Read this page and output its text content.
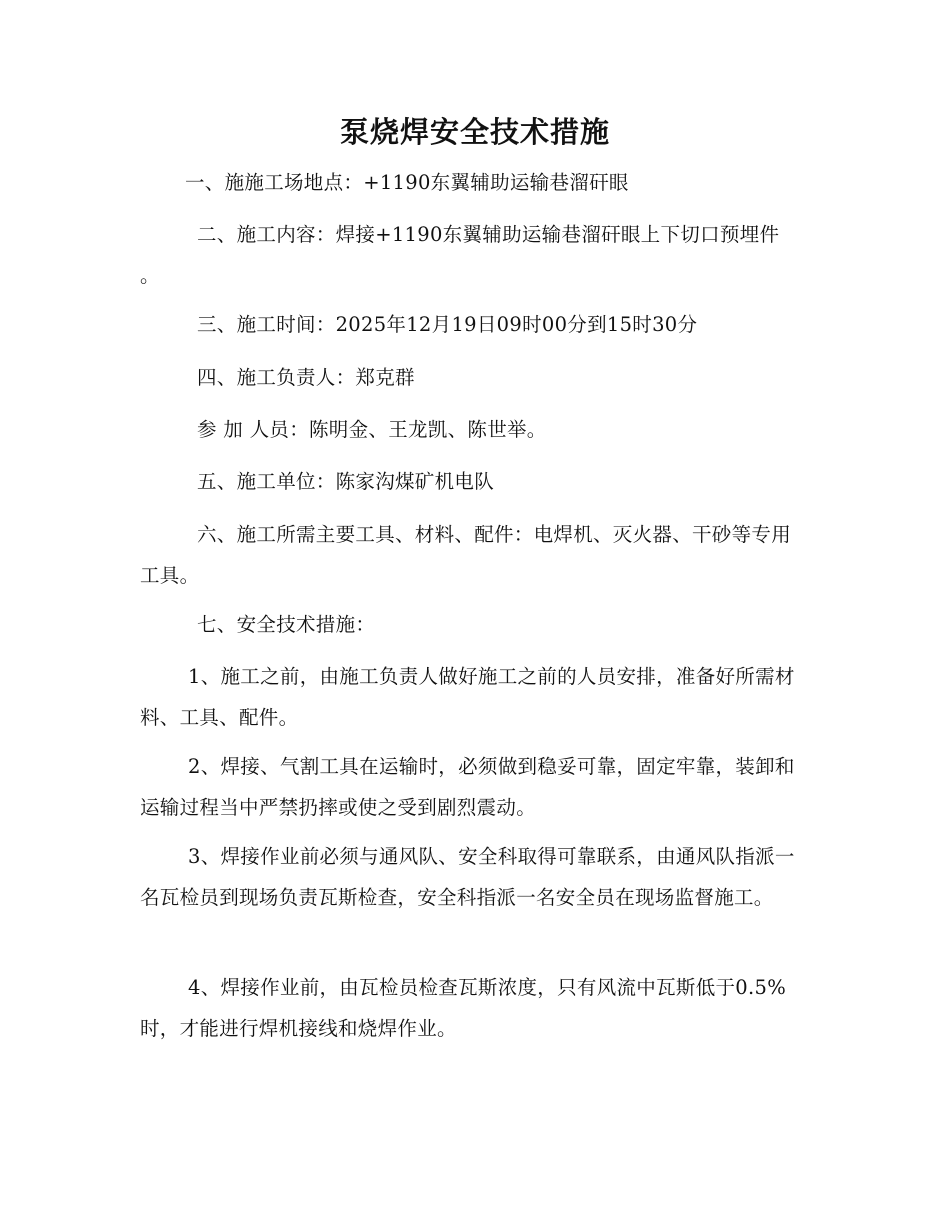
泵烧焊安全技术措施

一、施施工场地点：+1190东翼辅助运输巷溜矸眼

二、施工内容：焊接+1190东翼辅助运输巷溜矸眼上下切口预埋件 。

三、施工时间：2025年12月19日09时00分到15时30分

四、施工负责人：郑克群

参 加 人员：陈明金、王龙凯、陈世举。

五、施工单位：陈家沟煤矿机电队

六、施工所需主要工具、材料、配件：电焊机、灭火器、干砂等专用工具。

七、安全技术措施：

1、施工之前，由施工负责人做好施工之前的人员安排，准备好所需材料、工具、配件。

2、焊接、气割工具在运输时，必须做到稳妥可靠，固定牢靠，装卸和运输过程当中严禁扔摔或使之受到剧烈震动。

3、焊接作业前必须与通风队、安全科取得可靠联系，由通风队指派一名瓦检员到现场负责瓦斯检查，安全科指派一名安全员在现场监督施工。

4、焊接作业前，由瓦检员检查瓦斯浓度，只有风流中瓦斯低于0.5%时，才能进行焊机接线和烧焊作业。
